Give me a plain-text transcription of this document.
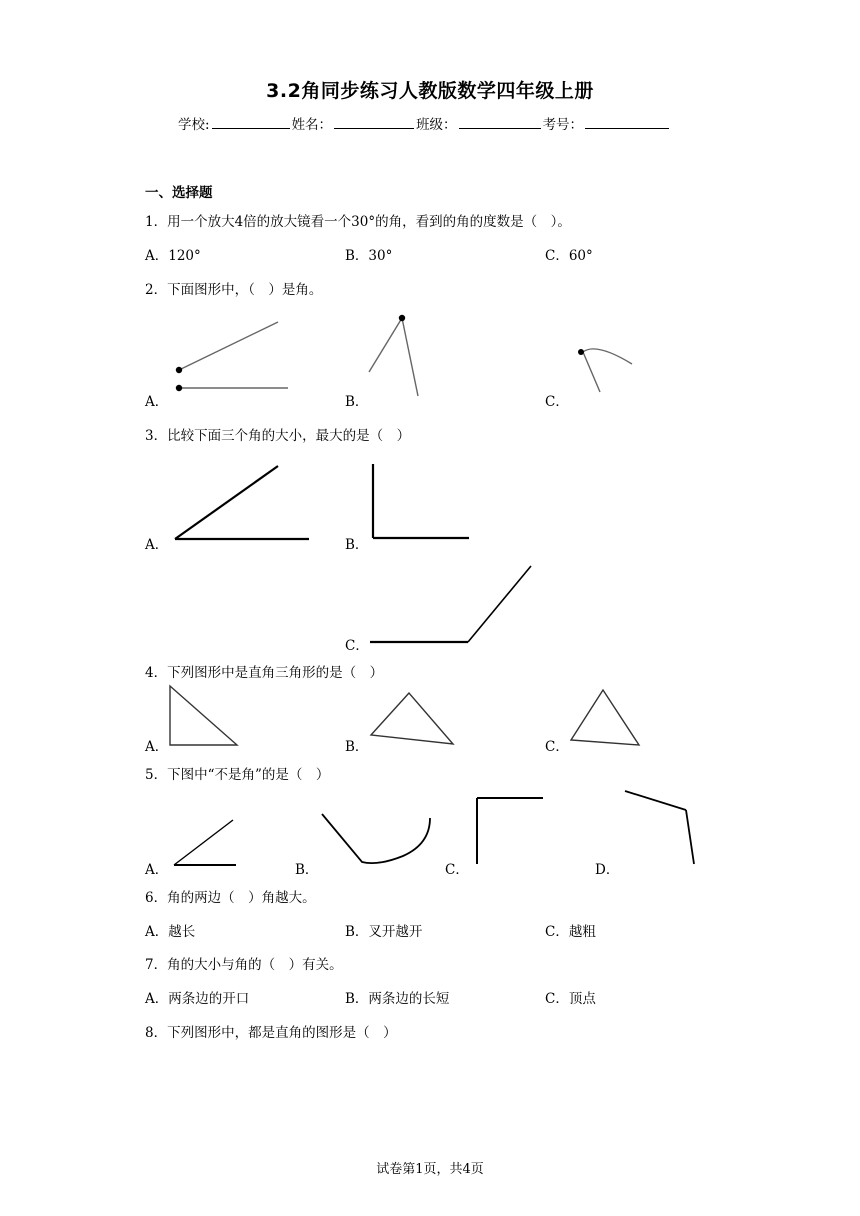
3.2角同步练习人教版数学四年级上册
学校:	姓名：	班级：	考号：
一、选择题
1．用一个放大4倍的放大镜看一个30°的角，看到的角的度数是（　）。
A．120°	B．30°	C．60°
2．下面图形中，（　）是角。
A．	B．	C．
3．比较下面三个角的大小，最大的是（　）
A．	B．
C．
4．下列图形中是直角三角形的是（　）
A．	B．	C．
5．下图中“不是角”的是（　）
A．	B．	C．	D．
6．角的两边（　）角越大。
A．越长	B．叉开越开	C．越粗
7．角的大小与角的（　）有关。
A．两条边的开口	B．两条边的长短	C．顶点
8．下列图形中，都是直角的图形是（　）
试卷第1页，共4页
